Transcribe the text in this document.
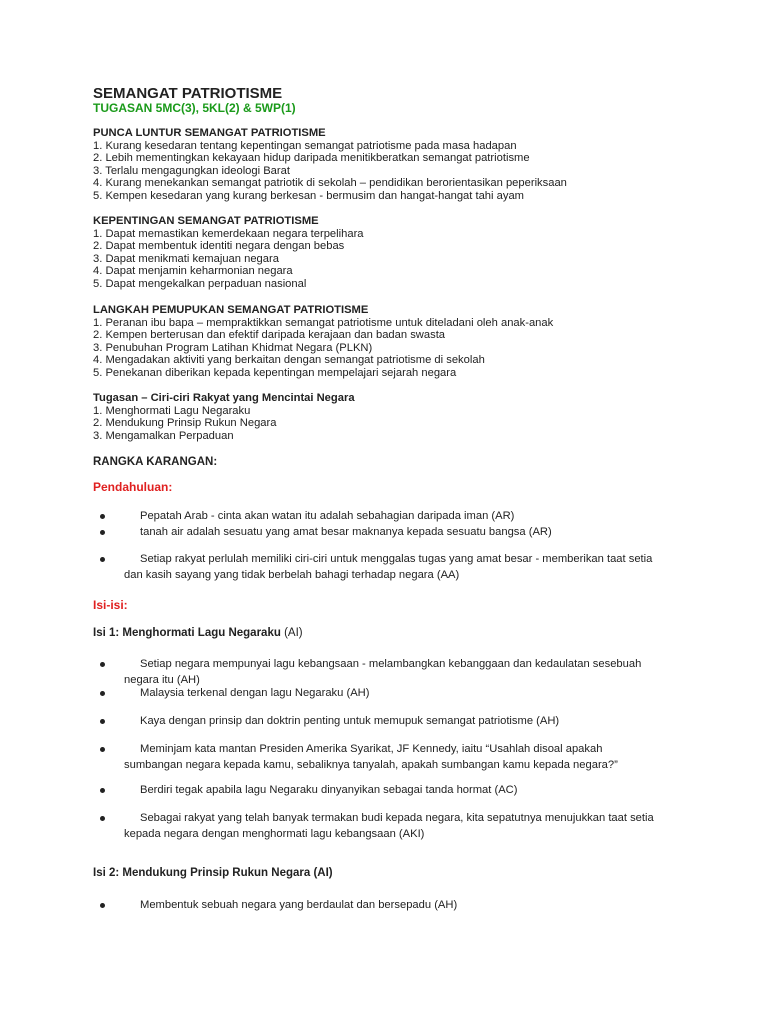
SEMANGAT PATRIOTISME
TUGASAN 5MC(3), 5KL(2) & 5WP(1)
PUNCA LUNTUR SEMANGAT PATRIOTISME
1. Kurang kesedaran tentang kepentingan semangat patriotisme pada masa hadapan
2. Lebih mementingkan kekayaan hidup daripada menitikberatkan semangat patriotisme
3. Terlalu mengagungkan ideologi Barat
4. Kurang menekankan semangat patriotik di sekolah – pendidikan berorientasikan peperiksaan
5. Kempen kesedaran yang kurang berkesan - bermusim dan hangat-hangat tahi ayam
KEPENTINGAN SEMANGAT PATRIOTISME
1. Dapat memastikan kemerdekaan negara terpelihara
2. Dapat membentuk identiti negara dengan bebas
3. Dapat menikmati kemajuan negara
4. Dapat menjamin keharmonian negara
5. Dapat mengekalkan perpaduan nasional
LANGKAH PEMUPUKAN SEMANGAT PATRIOTISME
1. Peranan ibu bapa – mempraktikkan semangat patriotisme untuk diteladani oleh anak-anak
2. Kempen berterusan dan efektif daripada kerajaan dan badan swasta
3. Penubuhan Program Latihan Khidmat Negara (PLKN)
4. Mengadakan aktiviti yang berkaitan dengan semangat patriotisme di sekolah
5. Penekanan diberikan kepada kepentingan mempelajari sejarah negara
Tugasan – Ciri-ciri Rakyat yang Mencintai Negara
1. Menghormati Lagu Negaraku
2. Mendukung Prinsip Rukun Negara
3. Mengamalkan Perpaduan
RANGKA KARANGAN:
Pendahuluan:
Pepatah Arab - cinta akan watan itu adalah sebahagian daripada iman (AR)
tanah air adalah sesuatu yang amat besar maknanya kepada sesuatu bangsa (AR)
Setiap rakyat perlulah memiliki ciri-ciri untuk menggalas tugas yang amat besar - memberikan taat setia
dan kasih sayang yang tidak berbelah bahagi terhadap negara (AA)
Isi-isi:
Isi 1: Menghormati Lagu Negaraku (AI)
Setiap negara mempunyai lagu kebangsaan - melambangkan kebanggaan dan kedaulatan sesebuah
negara itu (AH)
Malaysia terkenal dengan lagu Negaraku (AH)
Kaya dengan prinsip dan doktrin penting untuk memupuk semangat patriotisme (AH)
Meminjam kata mantan Presiden Amerika Syarikat, JF Kennedy, iaitu “Usahlah disoal apakah
sumbangan negara kepada kamu, sebaliknya tanyalah, apakah sumbangan kamu kepada negara?”
Berdiri tegak apabila lagu Negaraku dinyanyikan sebagai tanda hormat (AC)
Sebagai rakyat yang telah banyak termakan budi kepada negara, kita sepatutnya menujukkan taat setia
kepada negara dengan menghormati lagu kebangsaan (AKI)
Isi 2: Mendukung Prinsip Rukun Negara (AI)
Membentuk sebuah negara yang berdaulat dan bersepadu (AH)
